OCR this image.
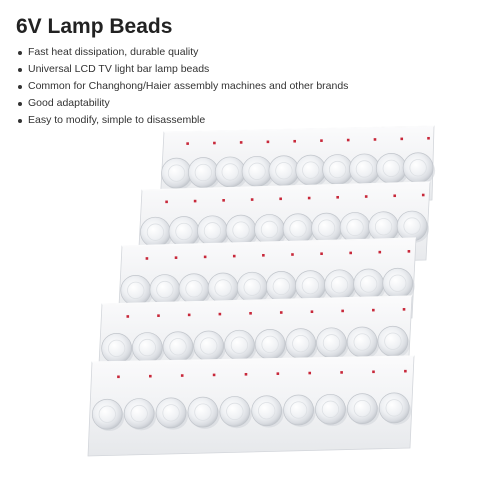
6V Lamp Beads
Fast heat dissipation, durable quality
Universal LCD TV light bar lamp beads
Common for Changhong/Haier assembly machines and other brands
Good adaptability
Easy to modify, simple to disassemble
